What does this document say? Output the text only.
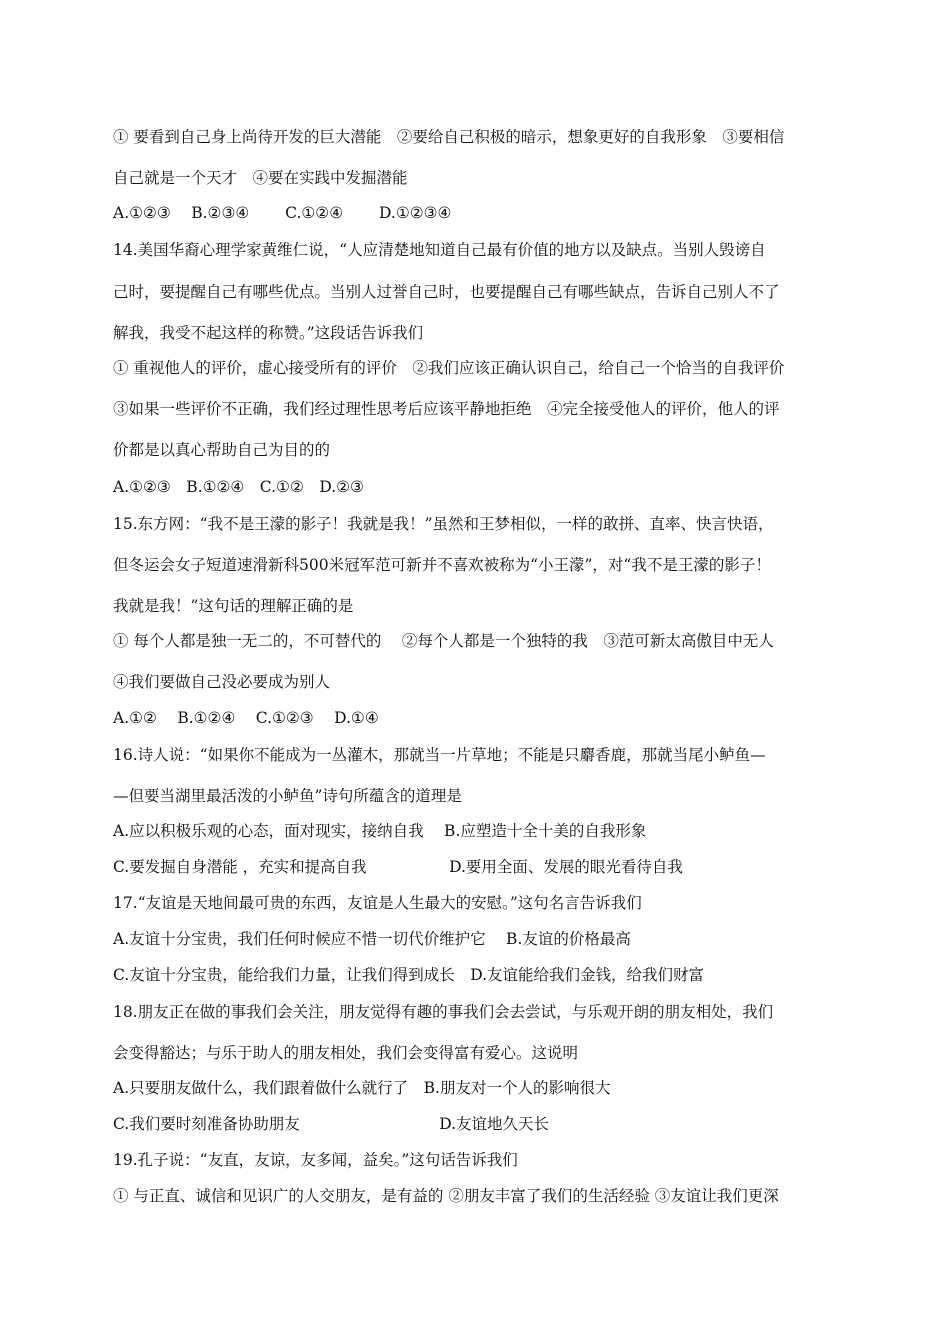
① 要看到自己身上尚待开发的巨大潜能　②要给自己积极的暗示，想象更好的自我形象　③要相信
自己就是一个天才　④要在实践中发掘潜能
A.①②③　 B.②③④　 　C.①②④　 　D.①②③④
14.美国华裔心理学家黄维仁说，“人应清楚地知道自己最有价值的地方以及缺点。当别人毁谤自
己时，要提醒自己有哪些优点。当别人过誉自己时，也要提醒自己有哪些缺点，告诉自己别人不了
解我，我受不起这样的称赞。”这段话告诉我们
① 重视他人的评价，虚心接受所有的评价　②我们应该正确认识自己，给自己一个恰当的自我评价
③如果一些评价不正确，我们经过理性思考后应该平静地拒绝　④完全接受他人的评价，他人的评
价都是以真心帮助自己为目的的
A.①②③　B.①②④　C.①②　D.②③
15.东方网：“我不是王濛的影子！我就是我！”虽然和王梦相似，一样的敢拼、直率、快言快语，
但冬运会女子短道速滑新科500米冠军范可新并不喜欢被称为“小王濛”，对“我不是王濛的影子！
我就是我！”这句话的理解正确的是
① 每个人都是独一无二的，不可替代的　 ②每个人都是一个独特的我　③范可新太高傲目中无人
④我们要做自己没必要成为别人
A.①②　 B.①②④　 C.①②③　 D.①④
16.诗人说：“如果你不能成为一丛灌木，那就当一片草地；不能是只麝香鹿，那就当尾小鲈鱼—
—但要当湖里最活泼的小鲈鱼”诗句所蕴含的道理是
A.应以积极乐观的心态，面对现实，接纳自我　 B.应塑造十全十美的自我形象
C.要发掘自身潜能 ，充实和提高自我　　　　　 D.要用全面、发展的眼光看待自我
17.“友谊是天地间最可贵的东西，友谊是人生最大的安慰。”这句名言告诉我们
A.友谊十分宝贵，我们任何时候应不惜一切代价维护它　 B.友谊的价格最高
C.友谊十分宝贵，能给我们力量，让我们得到成长　D.友谊能给我们金钱，给我们财富
18.朋友正在做的事我们会关注，朋友觉得有趣的事我们会去尝试，与乐观开朗的朋友相处，我们
会变得豁达；与乐于助人的朋友相处，我们会变得富有爱心。这说明
A.只要朋友做什么，我们跟着做什么就行了　B.朋友对一个人的影响很大
C.我们要时刻准备协助朋友　　　　　　　　　D.友谊地久天长
19.孔子说：“友直，友谅，友多闻，益矣。”这句话告诉我们
① 与正直、诚信和见识广的人交朋友，是有益的 ②朋友丰富了我们的生活经验 ③友谊让我们更深
